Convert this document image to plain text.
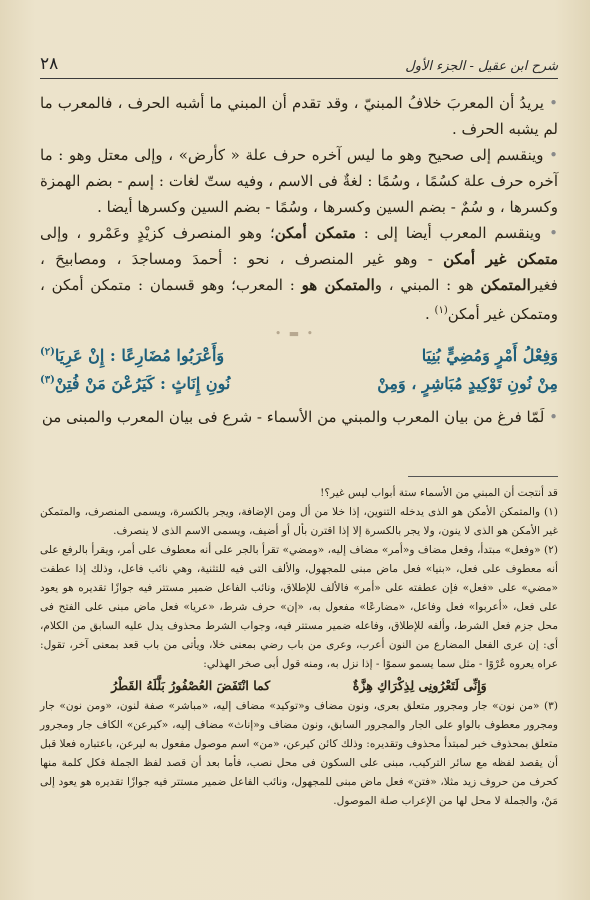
شرح ابن عقيل - الجزء الأول
٢٨

• يريدُ أن المعربَ خلافُ المبنيّ ، وقد تقدم أن المبني ما أشبه الحرف ، فالمعرب ما لم يشبه الحرف .

• وينقسم إلى صحيح وهو ما ليس آخره حرف علة « كأرض» ، وإلى معتل وهو : ما آخره حرف علة كسُمًا ، وسُمًا : لغةٌ فى الاسم ، وفيه ستّ لغات : إسم - بضم الهمزة وكسرها ، و سُمٌ - بضم السين وكسرها ، وسُمًا - بضم السين وكسرها أيضا .

• وينقسم المعرب أيضا إلى : متمكن أمكن؛ وهو المنصرف كزيْدٍ وعَمْرو ، وإلى متمكن غير أمكن - وهو غير المنصرف ، نحو : أحمدَ ومساجدَ ، ومصابيحَ ، فغيرالمتمكن هو : المبني ، والمتمكن هو : المعرب؛ وهو قسمان : متمكن أمكن ، ومتمكن غير أمكن$^{(١)}$ .

• ▬ •
وَفِعْلُ أَمْرٍ وَمُضِيٍّ بُنِيَا
وَأَعْرَبُوا مُضَارِعًا : إِنْ عَرِيَا$^{(٢)}$
مِنْ نُونِ تَوْكِيدٍ مُبَاشِرٍ ، وَمِنْ
نُونِ إِنَاثٍ : كَيَرُعْنَ مَنْ فُتِنْ$^{(٣)}$
• لَمّا فرغ من بيان المعرب والمبني من الأسماء - شرع فى بيان المعرب والمبنى من

قد أنتجت أن المبني من الأسماء ستة أبواب ليس غير؟!

(١) والمتمكن الأمكن هو الذى يدخله التنوين، إذا خلا من أل ومن الإضافة، ويجر بالكسرة، ويسمى المنصرف، والمتمكن غير الأمكن هو الذى لا ينون، ولا يجر بالكسرة إلا إذا اقترن بأل أو أضيف، ويسمى الاسم الذى لا ينصرف.

(٢) «وفعل» مبتدأ، وفعل مضاف و«أمر» مضاف إليه، «ومضي» تقرأ بالجر على أنه معطوف على أمر، ويقرأ بالرفع على أنه معطوف على فعل، «بنيا» فعل ماض مبنى للمجهول، والألف التى فيه للتثنية، وهي نائب فاعل، وذلك إذا عطفت «مضي» على «فعل» فإن عطفته على «أمر» فالألف للإطلاق، ونائب الفاعل ضمير مستتر فيه جوازًا تقديره هو يعود على فعل، «أعربوا» فعل وفاعل، «مضارعًا» مفعول به، «إن» حرف شرط، «عريا» فعل ماض مبنى على الفتح فى محل جزم فعل الشرط، وألفه للإطلاق، وفاعله ضمير مستتر فيه، وجواب الشرط محذوف يدل عليه السابق من الكلام، أى: إن عرى الفعل المضارع من النون أعرب، وعرى من باب رضي بمعنى خلا، ويأتى من باب قعد بمعنى آخر، تقول: عراه يعروه عُرْوًا - مثل سما يسمو سموًا - إذا نزل به، ومنه قول أبى صخر الهذلي:

وَإِنِّى لَتَعْرُونِى لِذِكْرَاكِ هِزَّةٌ
كما انْتَفَضَ العُصْفُورُ بَلَّلَهُ القَطْرُ

(٣) «من نون» جار ومجرور متعلق بعرى، ونون مضاف و«توكيد» مضاف إليه، «مباشر» صفة لنون، «ومن نون» جار ومجرور معطوف بالواو على الجار والمجرور السابق، ونون مضاف و«إناث» مضاف إليه، «كيرعن» الكاف جار ومجرور متعلق بمحذوف خبر لمبتدأ محذوف وتقديره: وذلك كائن كيرعن، «من» اسم موصول مفعول به ليرعن، باعتباره فعلا قبل أن يقصد لفظه مع سائر التركيب، مبنى على السكون فى محل نصب، فأما بعد أن قصد لفظ الجملة فكل كلمة منها كحرف من حروف زيد مثلا، «فتن» فعل ماض مبنى للمجهول، ونائب الفاعل ضمير مستتر فيه جوازًا تقديره هو يعود إلى مَنْ، والجملة لا محل لها من الإعراب صلة الموصول.
